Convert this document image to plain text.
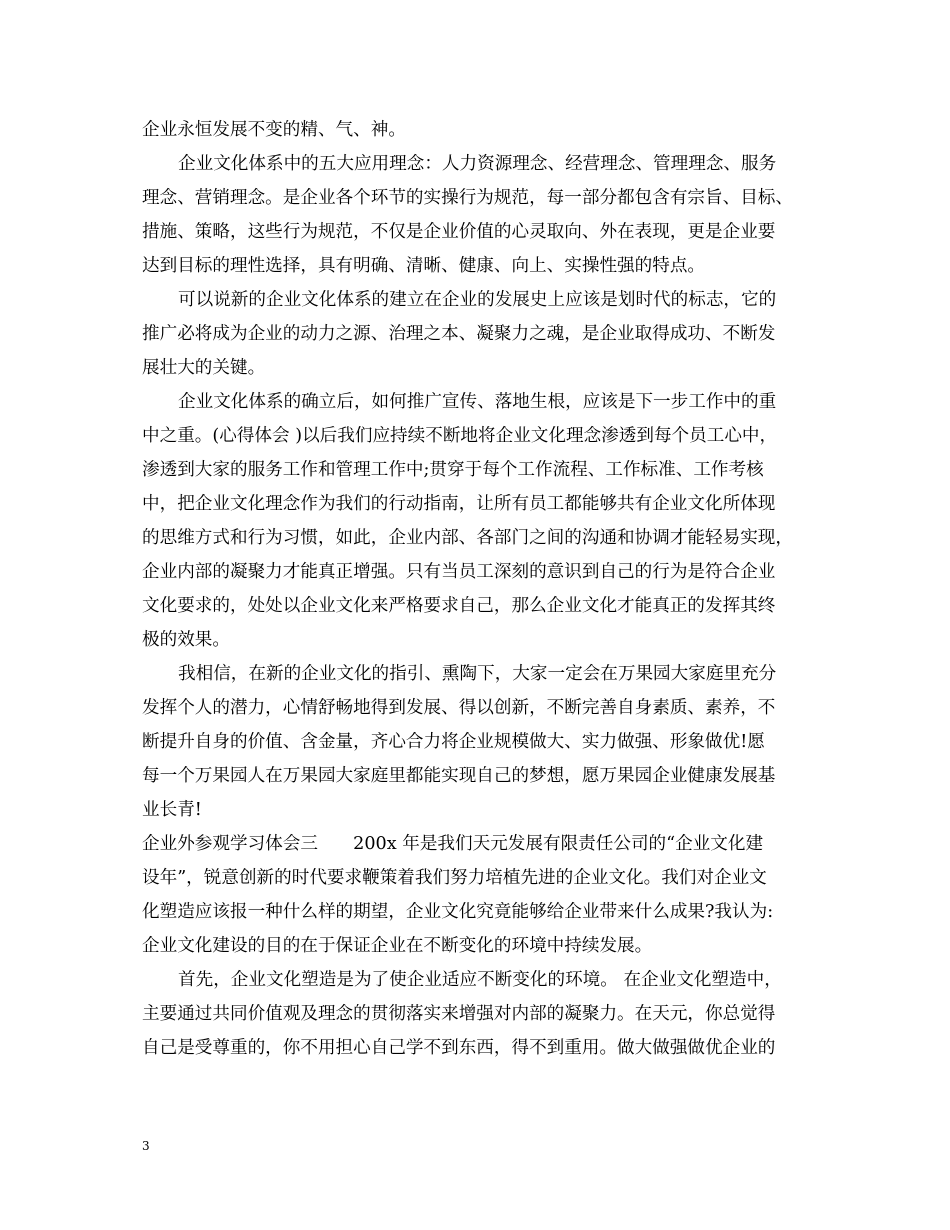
企业永恒发展不变的精、气、神。
企业文化体系中的五大应用理念：人力资源理念、经营理念、管理理念、服务
理念、营销理念。是企业各个环节的实操行为规范，每一部分都包含有宗旨、目标、
措施、策略，这些行为规范，不仅是企业价值的心灵取向、外在表现，更是企业要
达到目标的理性选择，具有明确、清晰、健康、向上、实操性强的特点。
可以说新的企业文化体系的建立在企业的发展史上应该是划时代的标志，它的
推广必将成为企业的动力之源、治理之本、凝聚力之魂，是企业取得成功、不断发
展壮大的关键。
企业文化体系的确立后，如何推广宣传、落地生根，应该是下一步工作中的重
中之重。(心得体会 )以后我们应持续不断地将企业文化理念渗透到每个员工心中，
渗透到大家的服务工作和管理工作中;贯穿于每个工作流程、工作标准、工作考核
中，把企业文化理念作为我们的行动指南，让所有员工都能够共有企业文化所体现
的思维方式和行为习惯，如此，企业内部、各部门之间的沟通和协调才能轻易实现，
企业内部的凝聚力才能真正增强。只有当员工深刻的意识到自己的行为是符合企业
文化要求的，处处以企业文化来严格要求自己，那么企业文化才能真正的发挥其终
极的效果。
我相信，在新的企业文化的指引、熏陶下，大家一定会在万果园大家庭里充分
发挥个人的潜力，心情舒畅地得到发展、得以创新，不断完善自身素质、素养，不
断提升自身的价值、含金量，齐心合力将企业规模做大、实力做强、形象做优!愿
每一个万果园人在万果园大家庭里都能实现自己的梦想，愿万果园企业健康发展基
业长青!
企业外参观学习体会三　　200x 年是我们天元发展有限责任公司的“企业文化建
设年”，锐意创新的时代要求鞭策着我们努力培植先进的企业文化。我们对企业文
化塑造应该报一种什么样的期望，企业文化究竟能够给企业带来什么成果?我认为:
企业文化建设的目的在于保证企业在不断变化的环境中持续发展。
首先，企业文化塑造是为了使企业适应不断变化的环境。 在企业文化塑造中，
主要通过共同价值观及理念的贯彻落实来增强对内部的凝聚力。在天元，你总觉得
自己是受尊重的，你不用担心自己学不到东西，得不到重用。做大做强做优企业的
3
